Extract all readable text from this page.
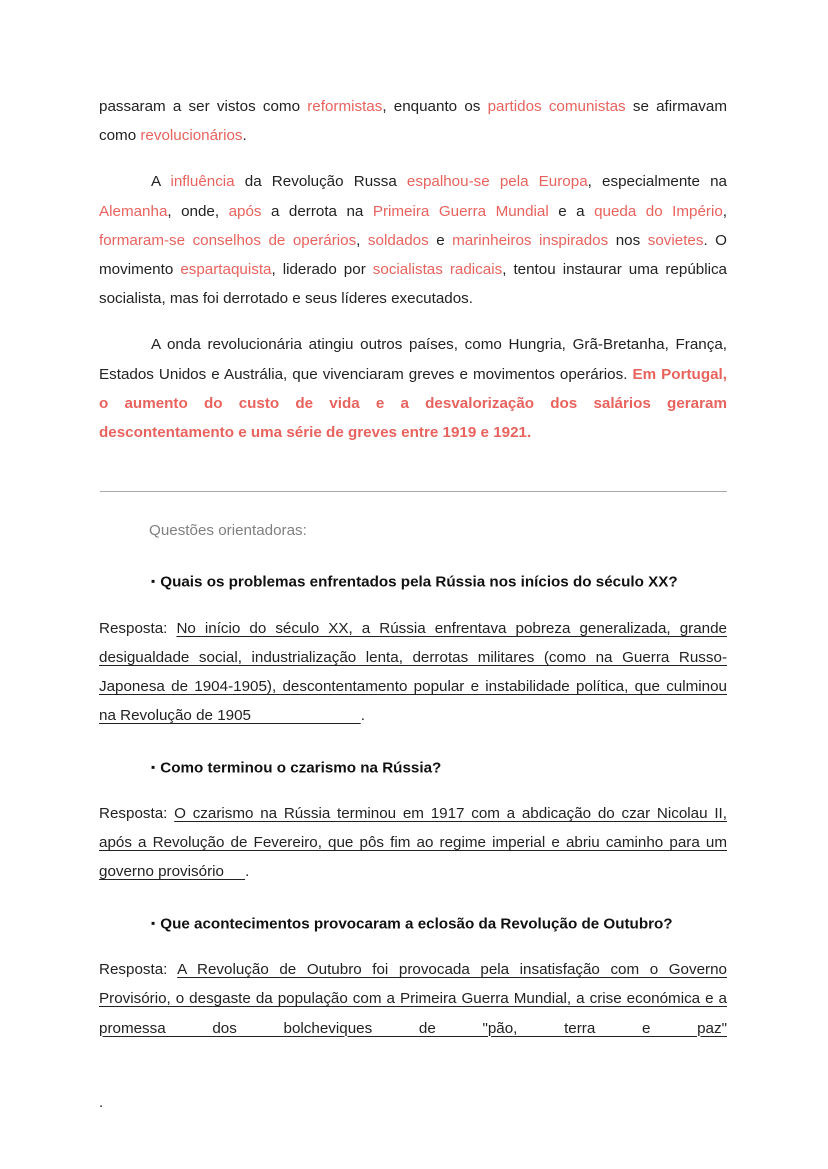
passaram a ser vistos como reformistas, enquanto os partidos comunistas se afirmavam como revolucionários.

A influência da Revolução Russa espalhou-se pela Europa, especialmente na Alemanha, onde, após a derrota na Primeira Guerra Mundial e a queda do Império, formaram-se conselhos de operários, soldados e marinheiros inspirados nos sovietes. O movimento espartaquista, liderado por socialistas radicais, tentou instaurar uma república socialista, mas foi derrotado e seus líderes executados.

A onda revolucionária atingiu outros países, como Hungria, Grã-Bretanha, França, Estados Unidos e Austrália, que vivenciaram greves e movimentos operários. Em Portugal, o aumento do custo de vida e a desvalorização dos salários geraram descontentamento e uma série de greves entre 1919 e 1921.

Questões orientadoras:

▪ Quais os problemas enfrentados pela Rússia nos inícios do século XX?

Resposta: No início do século XX, a Rússia enfrentava pobreza generalizada, grande desigualdade social, industrialização lenta, derrotas militares (como na Guerra Russo-Japonesa de 1904-1905), descontentamento popular e instabilidade política, que culminou na Revolução de 1905	.

▪ Como terminou o czarismo na Rússia?

Resposta: O czarismo na Rússia terminou em 1917 com a abdicação do czar Nicolau II, após a Revolução de Fevereiro, que pôs fim ao regime imperial e abriu caminho para um governo provisório .

▪ Que acontecimentos provocaram a eclosão da Revolução de Outubro?

Resposta: A Revolução de Outubro foi provocada pela insatisfação com o Governo Provisório, o desgaste da população com a Primeira Guerra Mundial, a crise económica e a promessa dos bolcheviques de "pão, terra e paz"

.
